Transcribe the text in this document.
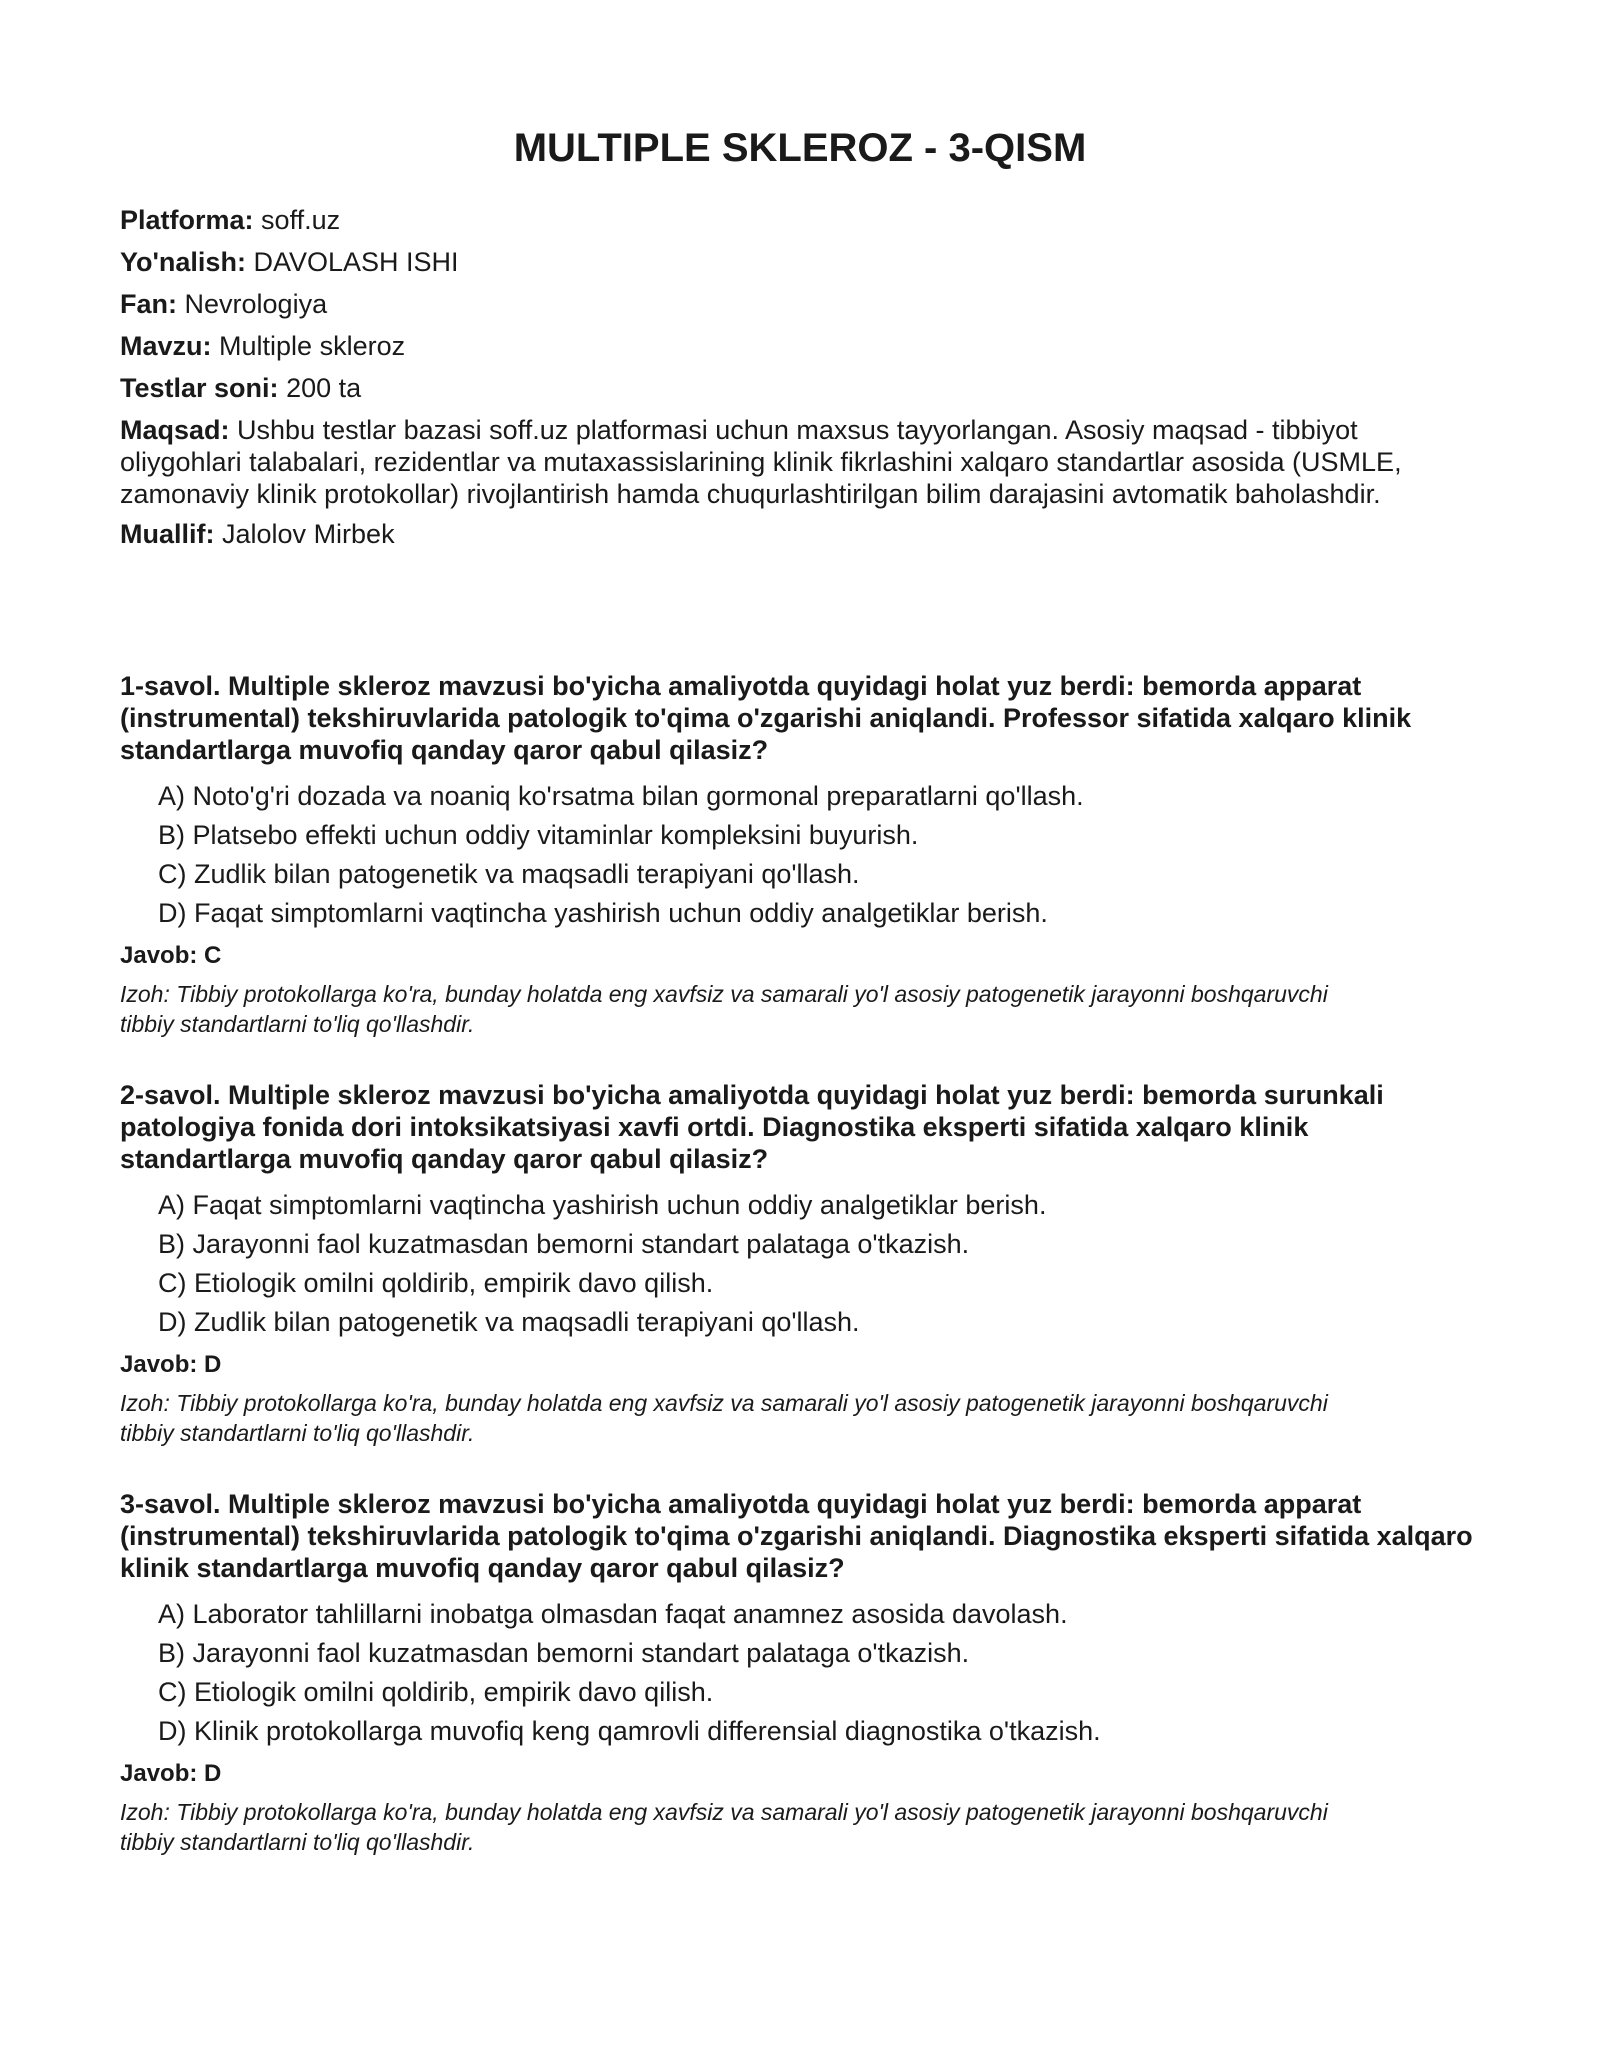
MULTIPLE SKLEROZ - 3-QISM

Platforma: soff.uz

Yo'nalish: DAVOLASH ISHI

Fan: Nevrologiya

Mavzu: Multiple skleroz

Testlar soni: 200 ta

Maqsad: Ushbu testlar bazasi soff.uz platformasi uchun maxsus tayyorlangan. Asosiy maqsad - tibbiyot oliygohlari talabalari, rezidentlar va mutaxassislarining klinik fikrlashini xalqaro standartlar asosida (USMLE, zamonaviy klinik protokollar) rivojlantirish hamda chuqurlashtirilgan bilim darajasini avtomatik baholashdir.

Muallif: Jalolov Mirbek

1-savol. Multiple skleroz mavzusi bo'yicha amaliyotda quyidagi holat yuz berdi: bemorda apparat (instrumental) tekshiruvlarida patologik to'qima o'zgarishi aniqlandi. Professor sifatida xalqaro klinik standartlarga muvofiq qanday qaror qabul qilasiz?

A) Noto'g'ri dozada va noaniq ko'rsatma bilan gormonal preparatlarni qo'llash.
B) Platsebo effekti uchun oddiy vitaminlar kompleksini buyurish.
C) Zudlik bilan patogenetik va maqsadli terapiyani qo'llash.
D) Faqat simptomlarni vaqtincha yashirish uchun oddiy analgetiklar berish.

Javob: C

Izoh: Tibbiy protokollarga ko'ra, bunday holatda eng xavfsiz va samarali yo'l asosiy patogenetik jarayonni boshqaruvchi tibbiy standartlarni to'liq qo'llashdir.

2-savol. Multiple skleroz mavzusi bo'yicha amaliyotda quyidagi holat yuz berdi: bemorda surunkali patologiya fonida dori intoksikatsiyasi xavfi ortdi. Diagnostika eksperti sifatida xalqaro klinik standartlarga muvofiq qanday qaror qabul qilasiz?

A) Faqat simptomlarni vaqtincha yashirish uchun oddiy analgetiklar berish.
B) Jarayonni faol kuzatmasdan bemorni standart palataga o'tkazish.
C) Etiologik omilni qoldirib, empirik davo qilish.
D) Zudlik bilan patogenetik va maqsadli terapiyani qo'llash.

Javob: D

Izoh: Tibbiy protokollarga ko'ra, bunday holatda eng xavfsiz va samarali yo'l asosiy patogenetik jarayonni boshqaruvchi tibbiy standartlarni to'liq qo'llashdir.

3-savol. Multiple skleroz mavzusi bo'yicha amaliyotda quyidagi holat yuz berdi: bemorda apparat (instrumental) tekshiruvlarida patologik to'qima o'zgarishi aniqlandi. Diagnostika eksperti sifatida xalqaro klinik standartlarga muvofiq qanday qaror qabul qilasiz?

A) Laborator tahlillarni inobatga olmasdan faqat anamnez asosida davolash.
B) Jarayonni faol kuzatmasdan bemorni standart palataga o'tkazish.
C) Etiologik omilni qoldirib, empirik davo qilish.
D) Klinik protokollarga muvofiq keng qamrovli differensial diagnostika o'tkazish.

Javob: D

Izoh: Tibbiy protokollarga ko'ra, bunday holatda eng xavfsiz va samarali yo'l asosiy patogenetik jarayonni boshqaruvchi tibbiy standartlarni to'liq qo'llashdir.
